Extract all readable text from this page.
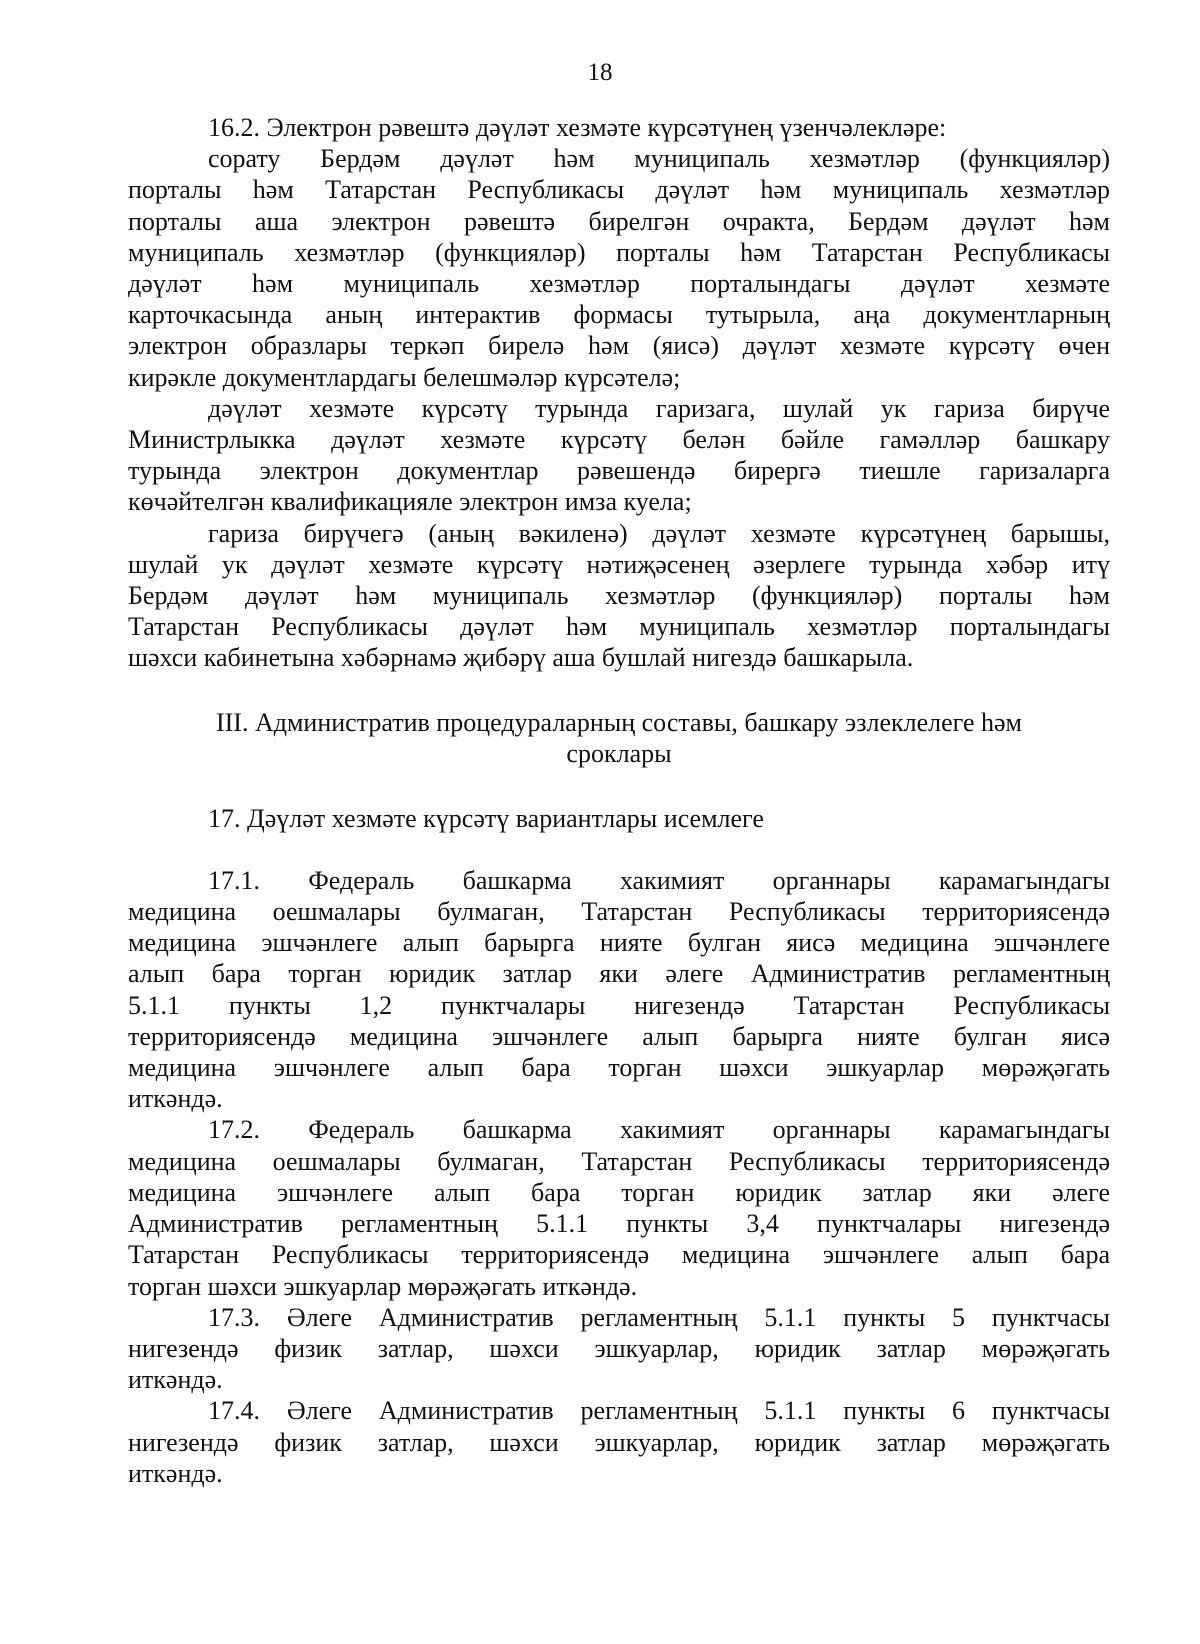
18
16.2. Электрон рәвештә дәүләт хезмәте күрсәтүнең үзенчәлекләре:
сорату Бердәм дәүләт һәм муниципаль хезмәтләр (функцияләр)
порталы һәм Татарстан Республикасы дәүләт һәм муниципаль хезмәтләр
порталы аша электрон рәвештә бирелгән очракта, Бердәм дәүләт һәм
муниципаль хезмәтләр (функцияләр) порталы һәм Татарстан Республикасы
дәүләт һәм муниципаль хезмәтләр порталындагы дәүләт хезмәте
карточкасында аның интерактив формасы тутырыла, аңа документларның
электрон образлары теркәп бирелә һәм (яисә) дәүләт хезмәте күрсәтү өчен
кирәкле документлардагы белешмәләр күрсәтелә;
дәүләт хезмәте күрсәтү турында гаризага, шулай ук гариза бирүче
Министрлыкка дәүләт хезмәте күрсәтү белән бәйле гамәлләр башкару
турында электрон документлар рәвешендә бирергә тиешле гаризаларга
көчәйтелгән квалификацияле электрон имза куела;
гариза бирүчегә (аның вәкиленә) дәүләт хезмәте күрсәтүнең барышы,
шулай ук дәүләт хезмәте күрсәтү нәтиҗәсенең әзерлеге турында хәбәр итү
Бердәм дәүләт һәм муниципаль хезмәтләр (функцияләр) порталы һәм
Татарстан Республикасы дәүләт һәм муниципаль хезмәтләр порталындагы
шәхси кабинетына хәбәрнамә җибәрү аша бушлай нигездә башкарыла.
III. Административ процедураларның составы, башкару эзлеклелеге һәм
сроклары
17. Дәүләт хезмәте күрсәтү вариантлары исемлеге
17.1. Федераль башкарма хакимият органнары карамагындагы
медицина оешмалары булмаган, Татарстан Республикасы территориясендә
медицина эшчәнлеге алып барырга нияте булган яисә медицина эшчәнлеге
алып бара торган юридик затлар яки әлеге Административ регламентның
5.1.1 пункты 1,2 пунктчалары нигезендә Татарстан Республикасы
территориясендә медицина эшчәнлеге алып барырга нияте булган яисә
медицина эшчәнлеге алып бара торган шәхси эшкуарлар мөрәҗәгать
иткәндә.
17.2. Федераль башкарма хакимият органнары карамагындагы
медицина оешмалары булмаган, Татарстан Республикасы территориясендә
медицина эшчәнлеге алып бара торган юридик затлар яки әлеге
Административ регламентның 5.1.1 пункты 3,4 пунктчалары нигезендә
Татарстан Республикасы территориясендә медицина эшчәнлеге алып бара
торган шәхси эшкуарлар мөрәҗәгать иткәндә.
17.3. Әлеге Административ регламентның 5.1.1 пункты 5 пунктчасы
нигезендә физик затлар, шәхси эшкуарлар, юридик затлар мөрәҗәгать
иткәндә.
17.4. Әлеге Административ регламентның 5.1.1 пункты 6 пунктчасы
нигезендә физик затлар, шәхси эшкуарлар, юридик затлар мөрәҗәгать
иткәндә.
